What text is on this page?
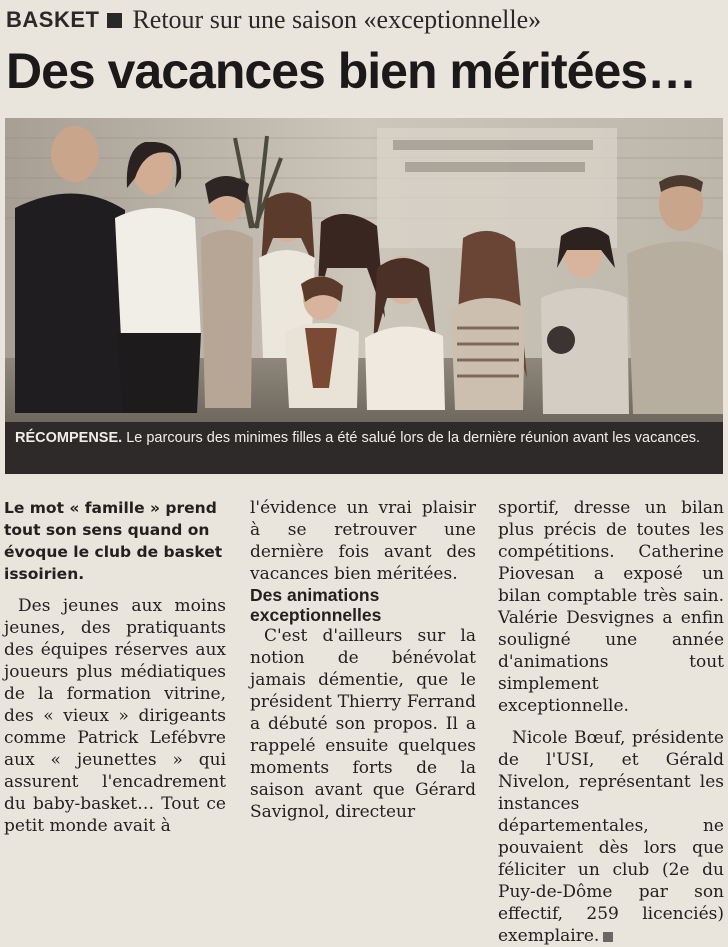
BASKET Retour sur une saison «exceptionnelle»
Des vacances bien méritées…
RÉCOMPENSE. Le parcours des minimes filles a été salué lors de la dernière réunion avant les vacances.

Le mot « famille » prend tout son sens quand on évoque le club de basket issoirien.

Des jeunes aux moins jeunes, des pratiquants des équipes réserves aux joueurs plus médiatiques de la formation vitrine, des « vieux » dirigeants comme Patrick Lefébvre aux « jeunettes » qui assurent l'encadrement du baby-basket… Tout ce petit monde avait à

l'évidence un vrai plaisir à se retrouver une dernière fois avant des vacances bien méritées.

Des animations exceptionnelles

C'est d'ailleurs sur la notion de bénévolat jamais démentie, que le président Thierry Ferrand a débuté son propos. Il a rappelé ensuite quelques moments forts de la saison avant que Gérard Savignol, directeur

sportif, dresse un bilan plus précis de toutes les compétitions. Catherine Piovesan a exposé un bilan comptable très sain. Valérie Desvignes a enfin souligné une année d'animations tout simplement exceptionnelle.

Nicole Bœuf, présidente de l'USI, et Gérald Nivelon, représentant les instances départementales, ne pouvaient dès lors que féliciter un club (2e du Puy-de-Dôme par son effectif, 259 licenciés) exemplaire.
